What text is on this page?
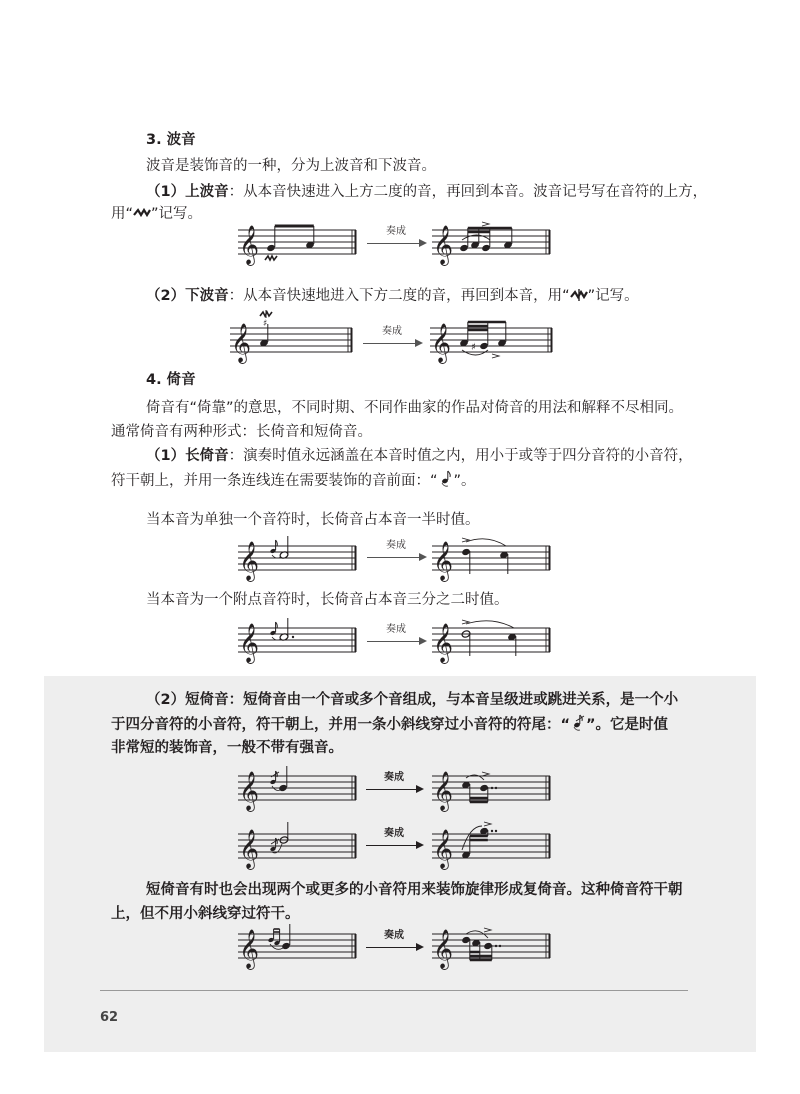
3. 波音
波音是装饰音的一种，分为上波音和下波音。
（1）上波音：从本音快速进入上方二度的音，再回到本音。波音记号写在音符的上方，
用“ ”记写。
𝄞	奏成 𝄞
（2）下波音：从本音快速地进入下方二度的音，再回到本音，用“ ”记写。
𝄞 ♯
奏成 𝄞 ♯
4. 倚音
倚音有“倚靠”的意思，不同时期、不同作曲家的作品对倚音的用法和解释不尽相同。
通常倚音有两种形式：长倚音和短倚音。
（1）长倚音：演奏时值永远涵盖在本音时值之内，用小于或等于四分音符的小音符，
符干朝上，并用一条连线连在需要装饰的音前面：“ ”。
当本音为单独一个音符时，长倚音占本音一半时值。
𝄞	奏成 𝄞
当本音为一个附点音符时，长倚音占本音三分之二时值。
𝄞	奏成 𝄞
（2）短倚音：短倚音由一个音或多个音组成，与本音呈级进或跳进关系，是一个小
于四分音符的小音符，符干朝上，并用一条小斜线穿过小音符的符尾：“ ”。它是时值
非常短的装饰音，一般不带有强音。
𝄞	奏成 𝄞
𝄞	奏成 𝄞
短倚音有时也会出现两个或更多的小音符用来装饰旋律形成复倚音。这种倚音符干朝
上，但不用小斜线穿过符干。
𝄞	奏成 𝄞
62
